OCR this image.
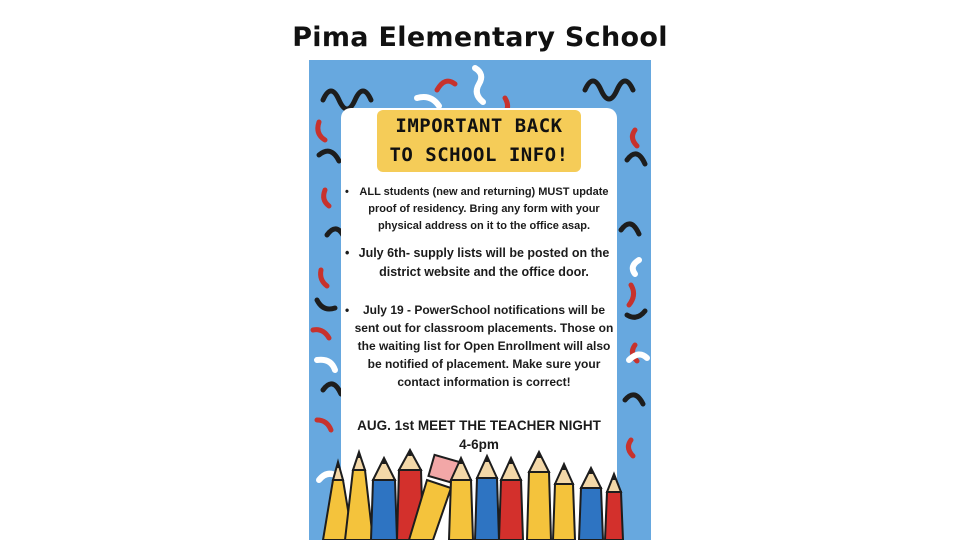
Pima Elementary School
IMPORTANT BACK
TO SCHOOL INFO!
• ALL students (new and returning) MUST update proof of residency. Bring any form with your physical address on it to the office asap.
• July 6th- supply lists will be posted on the district website and the office door.
•	July 19 - PowerSchool notifications will be sent out for classroom placements. Those on the waiting list for Open Enrollment will also be notified of placement. Make sure your contact information is correct!
AUG. 1st MEET THE TEACHER NIGHT
4-6pm
